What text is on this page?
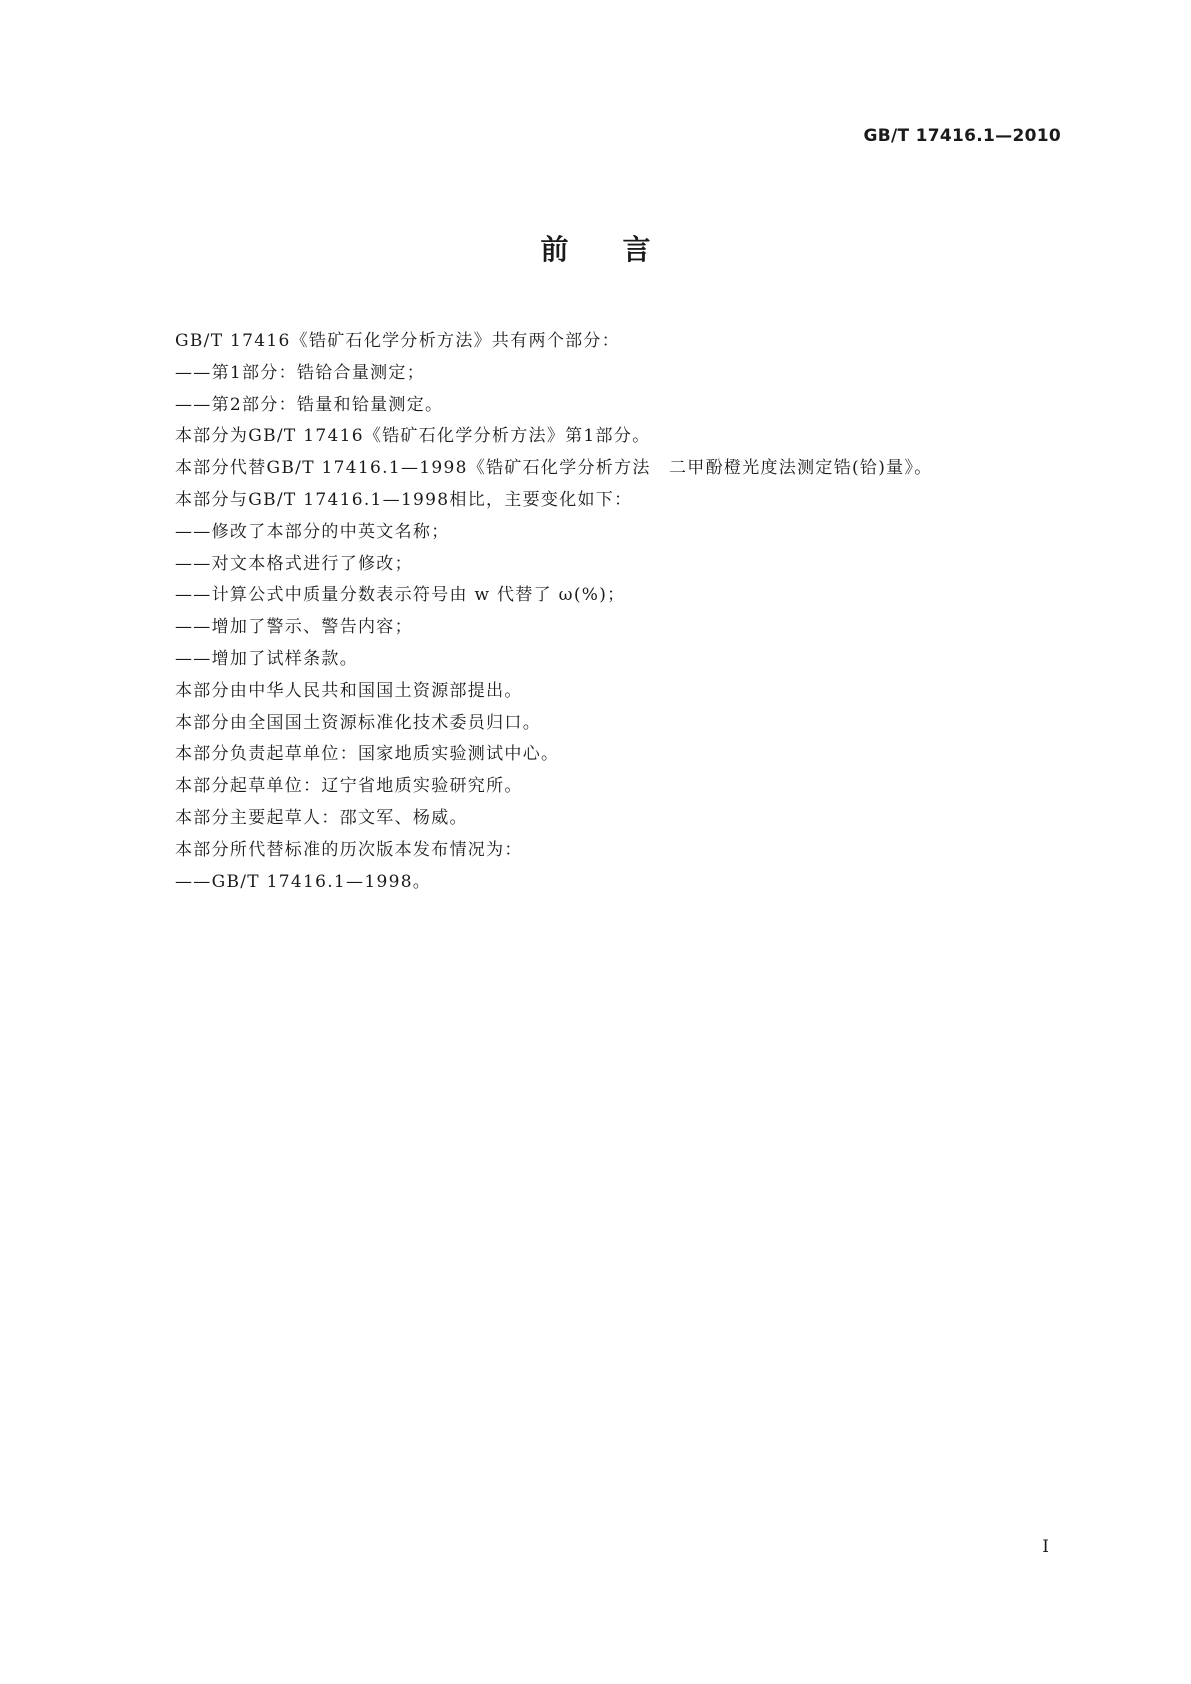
GB/T 17416.1—2010
前言
GB/T 17416《锆矿石化学分析方法》共有两个部分：
——第1部分：锆铪合量测定；
——第2部分：锆量和铪量测定。
本部分为GB/T 17416《锆矿石化学分析方法》第1部分。
本部分代替GB/T 17416.1—1998《锆矿石化学分析方法　二甲酚橙光度法测定锆(铪)量》。
本部分与GB/T 17416.1—1998相比，主要变化如下：
——修改了本部分的中英文名称；
——对文本格式进行了修改；
——计算公式中质量分数表示符号由 w 代替了 ω(%)；
——增加了警示、警告内容；
——增加了试样条款。
本部分由中华人民共和国国土资源部提出。
本部分由全国国土资源标准化技术委员归口。
本部分负责起草单位：国家地质实验测试中心。
本部分起草单位：辽宁省地质实验研究所。
本部分主要起草人：邵文军、杨威。
本部分所代替标准的历次版本发布情况为：
——GB/T 17416.1—1998。
I
